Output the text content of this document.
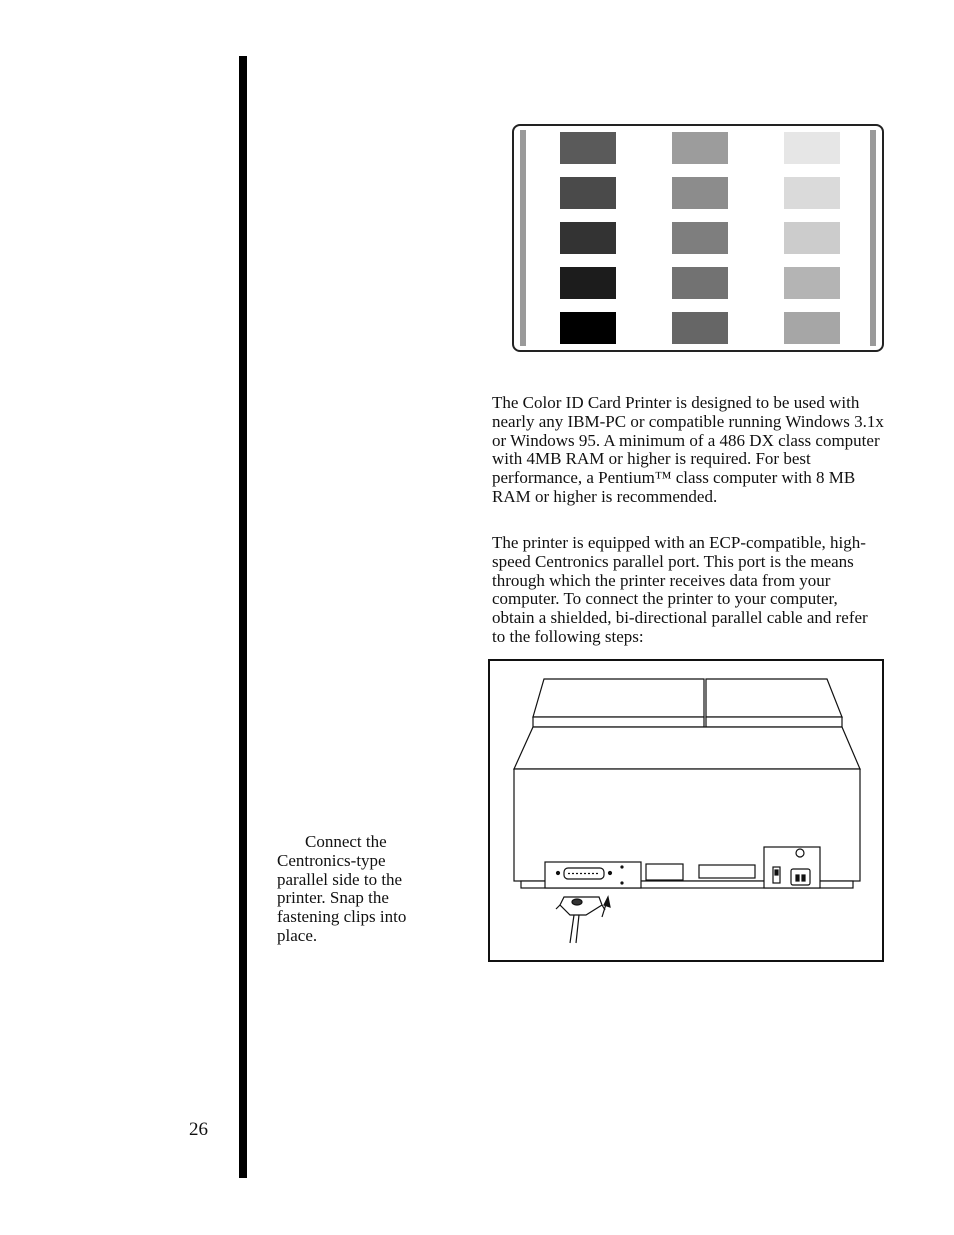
The Color ID Card Printer is designed to be used with nearly any IBM-PC or compatible running Windows 3.1x or Windows 95. A minimum of a 486 DX class computer with 4MB RAM or higher is required. For best performance, a Pentium™ class computer with 8 MB RAM or higher is recommended.

The printer is equipped with an ECP-compatible, high-speed Centronics parallel port. This port is the means through which the printer receives data from your computer. To connect the printer to your computer, obtain a shielded, bi-directional parallel cable and refer to the following steps:

Connect the Centronics-type parallel side to the printer. Snap the fastening clips into place.

26
